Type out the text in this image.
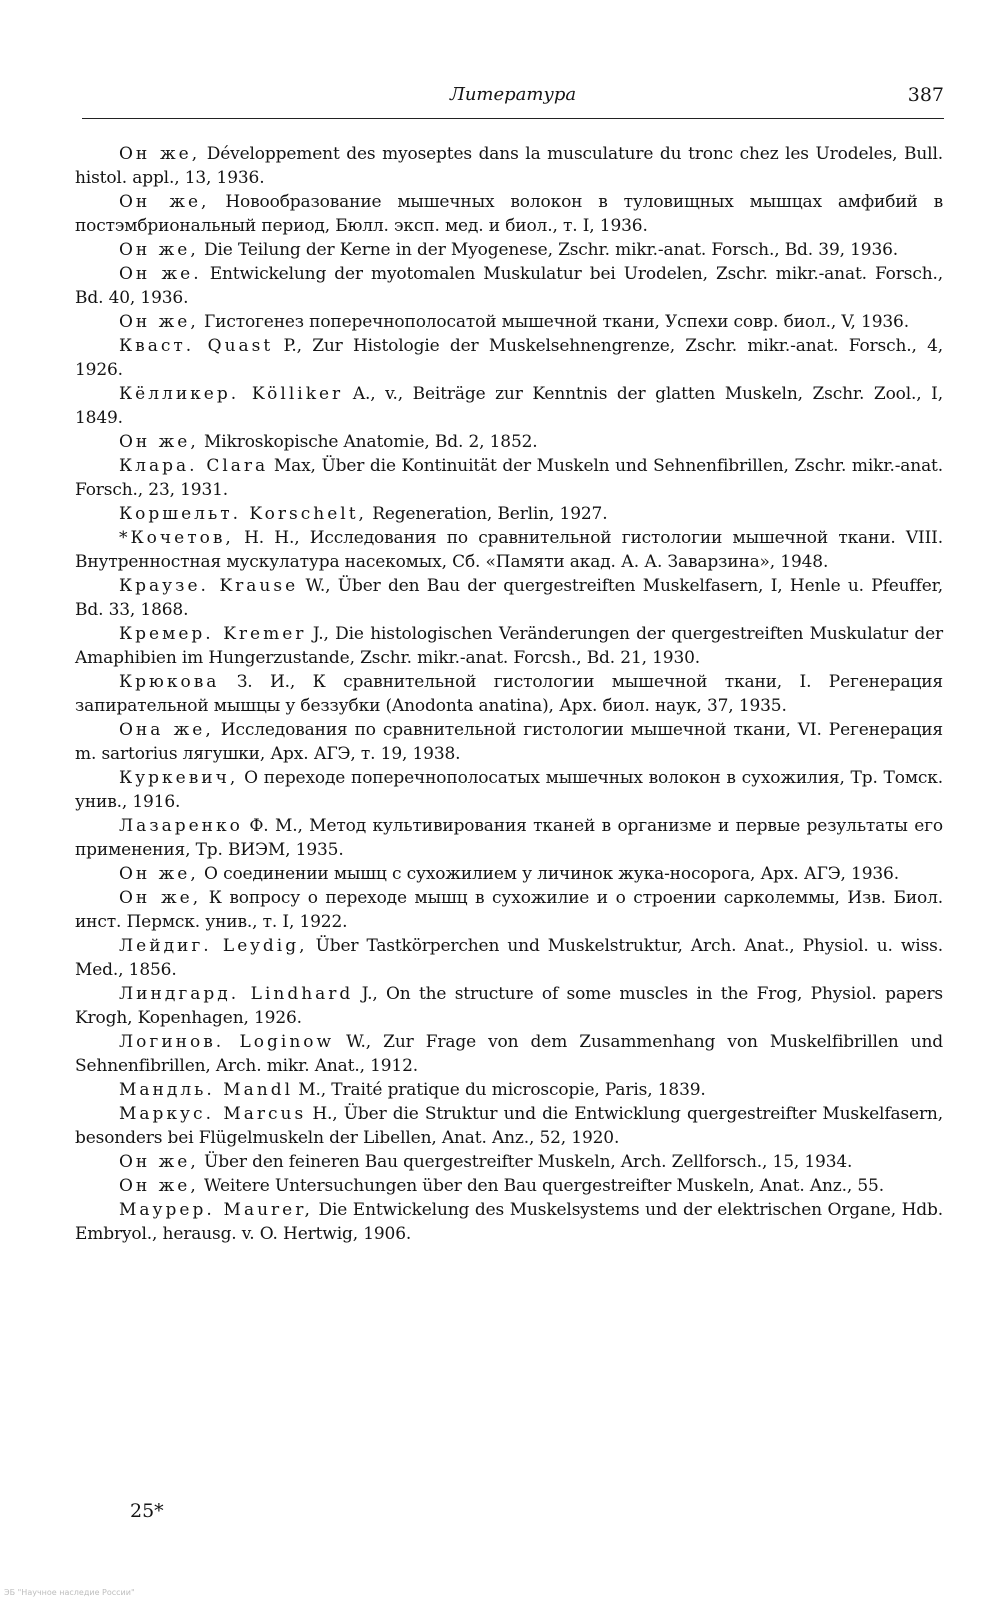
Литература	387

Он же, Développement des myoseptes dans la musculature du tronc chez les Urodeles, Bull. histol. appl., 13, 1936.

Он же, Новообразование мышечных волокон в туловищных мышцах амфибий в постэмбриональный период, Бюлл. эксп. мед. и биол., т. I, 1936.

Он же, Die Teilung der Kerne in der Myogenese, Zschr. mikr.-anat. Forsch., Bd. 39, 1936.

Он же. Entwickelung der myotomalen Muskulatur bei Urodelen, Zschr. mikr.-anat. Forsch., Bd. 40, 1936.

Он же, Гистогенез поперечнополосатой мышечной ткани, Успехи совр. биол., V, 1936.

Кваст. Quast P., Zur Histologie der Muskelsehnengrenze, Zschr. mikr.-anat. Forsch., 4, 1926.

Кёлликер. Kölliker A., v., Beiträge zur Kenntnis der glatten Muskeln, Zschr. Zool., I, 1849.

Он же, Mikroskopische Anatomie, Bd. 2, 1852.

Клара. Clara Max, Über die Kontinuität der Muskeln und Sehnenfibrillen, Zschr. mikr.-anat. Forsch., 23, 1931.

Коршельт. Korschelt, Regeneration, Berlin, 1927.

*Кочетов, Н. Н., Исследования по сравнительной гистологии мышечной ткани. VIII. Внутренностная мускулатура насекомых, Сб. «Памяти акад. А. А. Заварзина», 1948.

Краузе. Krause W., Über den Bau der quergestreiften Muskelfasern, I, Henle u. Pfeuffer, Bd. 33, 1868.

Кремер. Kremer J., Die histologischen Veränderungen der quergestreiften Muskulatur der Amaphibien im Hungerzustande, Zschr. mikr.-anat. Forcsh., Bd. 21, 1930.

Крюкова З. И., К сравнительной гистологии мышечной ткани, I. Регенерация запирательной мышцы у беззубки (Anodonta anatina), Арх. биол. наук, 37, 1935.

Она же, Исследования по сравнительной гистологии мышечной ткани, VI. Регенерация m. sartorius лягушки, Арх. АГЭ, т. 19, 1938.

Куркевич, О переходе поперечнополосатых мышечных волокон в сухожилия, Тр. Томск. унив., 1916.

Лазаренко Ф. М., Метод культивирования тканей в организме и первые результаты его применения, Тр. ВИЭМ, 1935.

Он же, О соединении мышц с сухожилием у личинок жука-носорога, Арх. АГЭ, 1936.

Он же, К вопросу о переходе мышц в сухожилие и о строении сарколеммы, Изв. Биол. инст. Пермск. унив., т. I, 1922.

Лейдиг. Leydig, Über Tastkörperchen und Muskelstruktur, Arch. Anat., Physiol. u. wiss. Med., 1856.

Линдгард. Lindhard J., On the structure of some muscles in the Frog, Physiol. papers Krogh, Kopenhagen, 1926.

Логинов. Loginow W., Zur Frage von dem Zusammenhang von Muskelfibrillen und Sehnenfibrillen, Arch. mikr. Anat., 1912.

Мандль. Mandl M., Traité pratique du microscopie, Paris, 1839.

Маркус. Marcus H., Über die Struktur und die Entwicklung quergestreifter Muskelfasern, besonders bei Flügelmuskeln der Libellen, Anat. Anz., 52, 1920.

Он же, Über den feineren Bau quergestreifter Muskeln, Arch. Zellforsch., 15, 1934.

Он же, Weitere Untersuchungen über den Bau quergestreifter Muskeln, Anat. Anz., 55.

Маурер. Maurer, Die Entwickelung des Muskelsystems und der elektrischen Organe, Hdb. Embryol., herausg. v. O. Hertwig, 1906.

25*
ЭБ "Научное наследие России"
